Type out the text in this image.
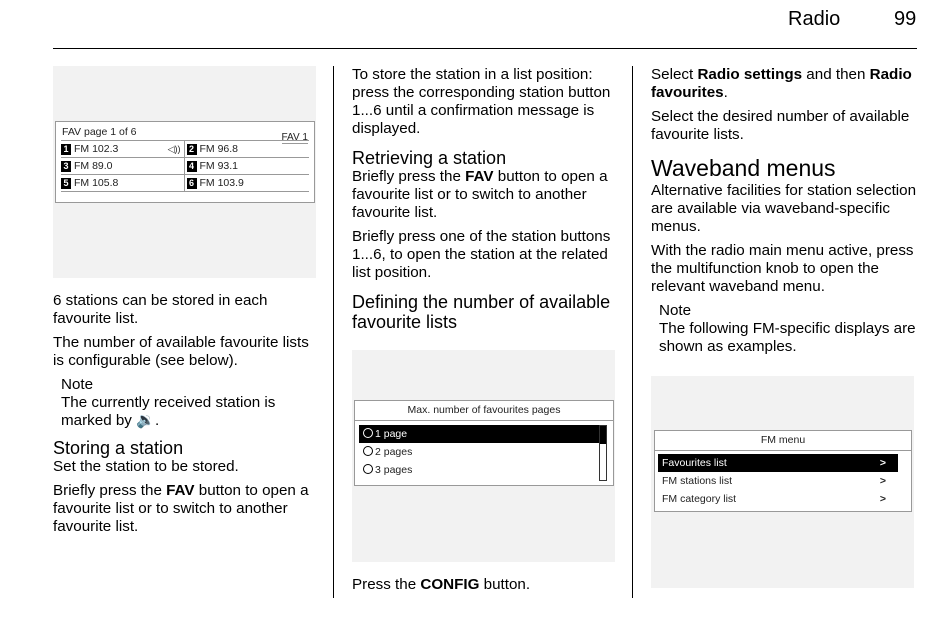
Radio	99
FAV page 1 of 6	FAV 1
1 FM 102.3	◁)) 2 FM 96.8
3 FM 89.0	4 FM 93.1
5 FM 105.8	6 FM 103.9

6 stations can be stored in each favourite list.

The number of available favourite lists is configurable (see below).

Note
The currently received station is marked by 🔉.
Storing a station

Set the station to be stored.

Briefly press the FAV button to open a favourite list or to switch to another favourite list.

To store the station in a list position: press the corresponding station button 1...6 until a confirmation message is displayed.

Retrieving a station

Briefly press the FAV button to open a favourite list or to switch to another favourite list.

Briefly press one of the station buttons 1...6, to open the station at the related list position.

Defining the number of available favourite lists
Max. number of favourites pages
1 page
2 pages
3 pages

Press the CONFIG button.

Select Radio settings and then Radio favourites.

Select the desired number of available favourite lists.

Waveband menus

Alternative facilities for station selection are available via waveband-specific menus.

With the radio main menu active, press the multifunction knob to open the relevant waveband menu.

Note
The following FM-specific displays are shown as examples.
FM menu
Favourites list	>
FM stations list	>
FM category list	>
